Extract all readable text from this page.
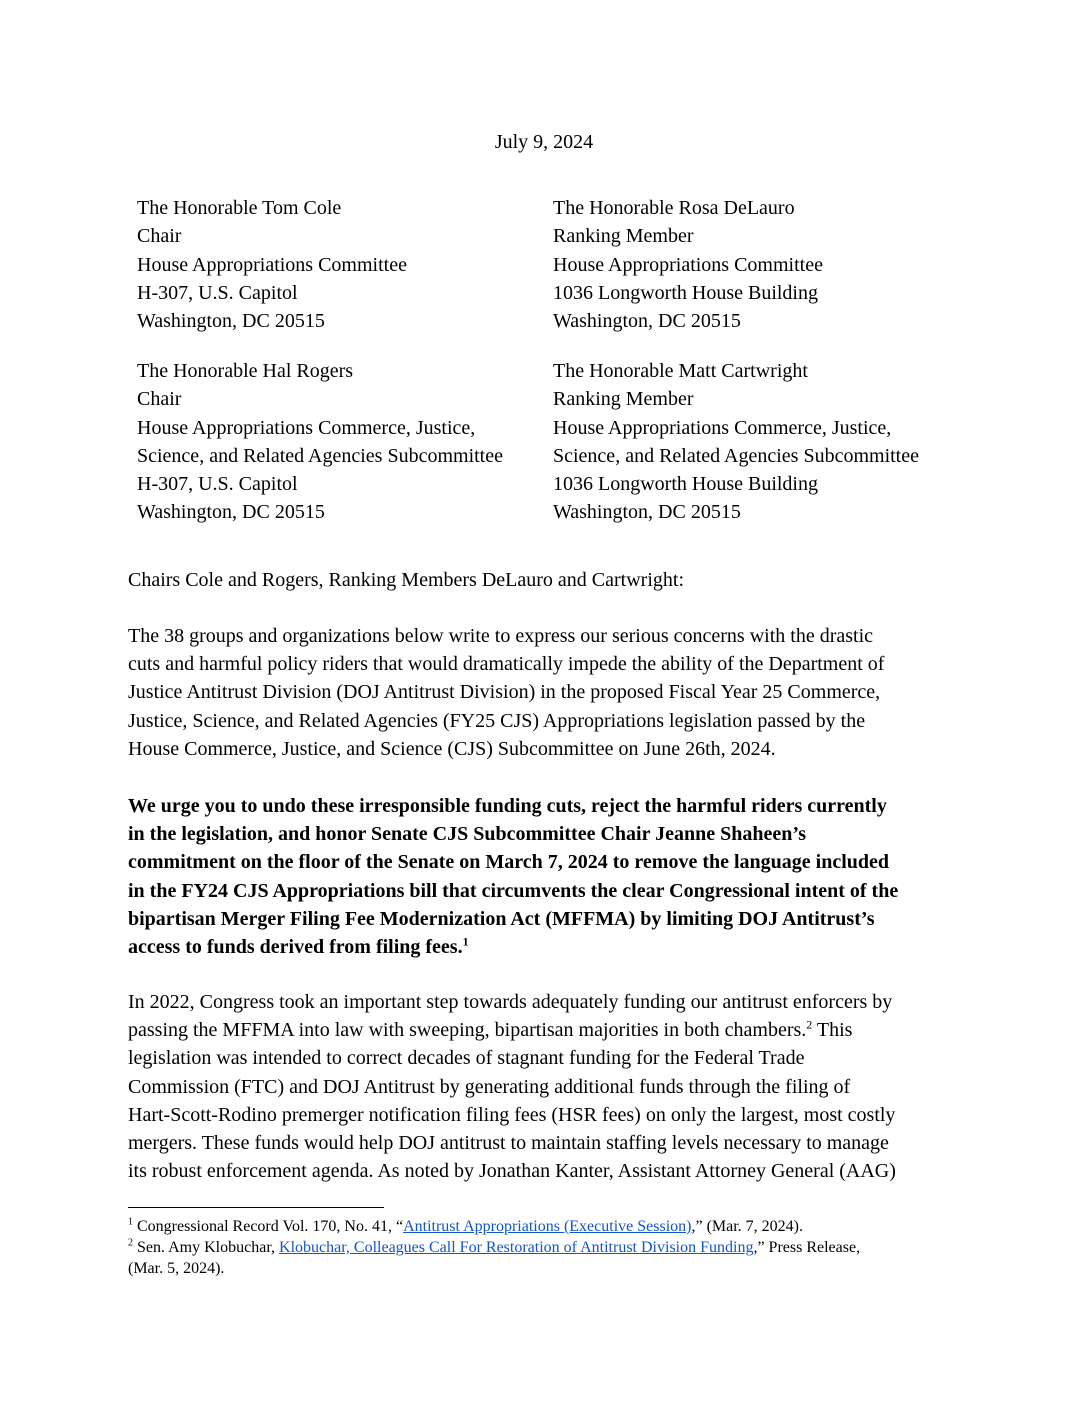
July 9, 2024
The Honorable Tom Cole
Chair
House Appropriations Committee
H-307, U.S. Capitol
Washington, DC 20515
The Honorable Rosa DeLauro
Ranking Member
House Appropriations Committee
1036 Longworth House Building
Washington, DC 20515
The Honorable Hal Rogers
Chair
House Appropriations Commerce, Justice,
Science, and Related Agencies Subcommittee
H-307, U.S. Capitol
Washington, DC 20515
The Honorable Matt Cartwright
Ranking Member
House Appropriations Commerce, Justice,
Science, and Related Agencies Subcommittee
1036 Longworth House Building
Washington, DC 20515

Chairs Cole and Rogers, Ranking Members DeLauro and Cartwright:

The 38 groups and organizations below write to express our serious concerns with the drastic
cuts and harmful policy riders that would dramatically impede the ability of the Department of
Justice Antitrust Division (DOJ Antitrust Division) in the proposed Fiscal Year 25 Commerce,
Justice, Science, and Related Agencies (FY25 CJS) Appropriations legislation passed by the
House Commerce, Justice, and Science (CJS) Subcommittee on June 26th, 2024.

We urge you to undo these irresponsible funding cuts, reject the harmful riders currently
in the legislation, and honor Senate CJS Subcommittee Chair Jeanne Shaheen’s
commitment on the floor of the Senate on March 7, 2024 to remove the language included
in the FY24 CJS Appropriations bill that circumvents the clear Congressional intent of the
bipartisan Merger Filing Fee Modernization Act (MFFMA) by limiting DOJ Antitrust’s
access to funds derived from filing fees.$^1$

In 2022, Congress took an important step towards adequately funding our antitrust enforcers by
passing the MFFMA into law with sweeping, bipartisan majorities in both chambers.$^2$ This
legislation was intended to correct decades of stagnant funding for the Federal Trade
Commission (FTC) and DOJ Antitrust by generating additional funds through the filing of
Hart-Scott-Rodino premerger notification filing fees (HSR fees) on only the largest, most costly
mergers. These funds would help DOJ antitrust to maintain staffing levels necessary to manage
its robust enforcement agenda. As noted by Jonathan Kanter, Assistant Attorney General (AAG)

$^1$ Congressional Record Vol. 170, No. 41, “Antitrust Appropriations (Executive Session),” (Mar. 7, 2024).
$^2$ Sen. Amy Klobuchar, Klobuchar, Colleagues Call For Restoration of Antitrust Division Funding,” Press Release,
(Mar. 5, 2024).
